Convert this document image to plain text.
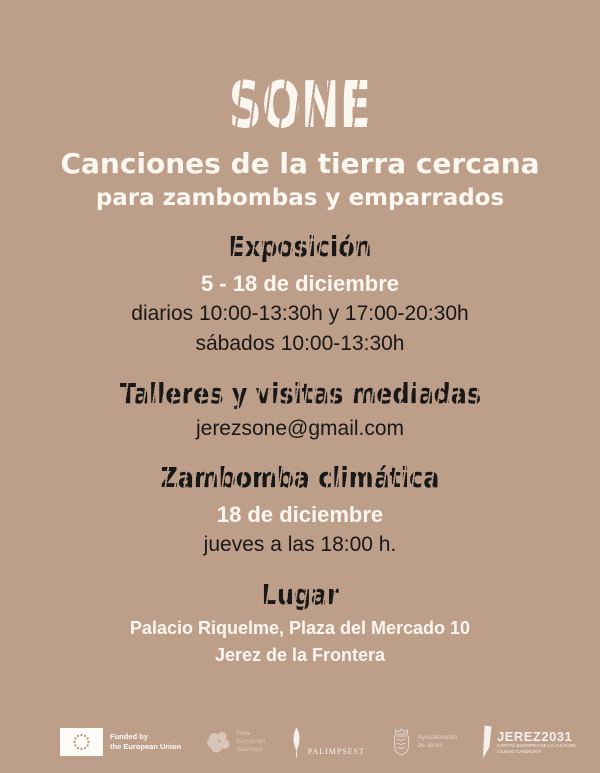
SONE
Canciones de la tierra cercana
para zambombas y emparrados
Exposición

5 - 18 de diciembre

diarios 10:00-13:30h y 17:00-20:30h

sábados 10:00-13:30h

Talleres y visitas mediadas

jerezsone@gmail.com

Zambomba climática

18 de diciembre

jueves a las 18:00 h.

Lugar

Palacio Riquelme, Plaza del Mercado 10

Jerez de la Frontera

Funded by
the European Union
New
European
Bauhaus	PALIMPSEST
Ayuntamiento
de Jerez
JEREZ2031
CAPITAL EUROPEA DE LA CULTURA
CIUDAD CANDIDATA
